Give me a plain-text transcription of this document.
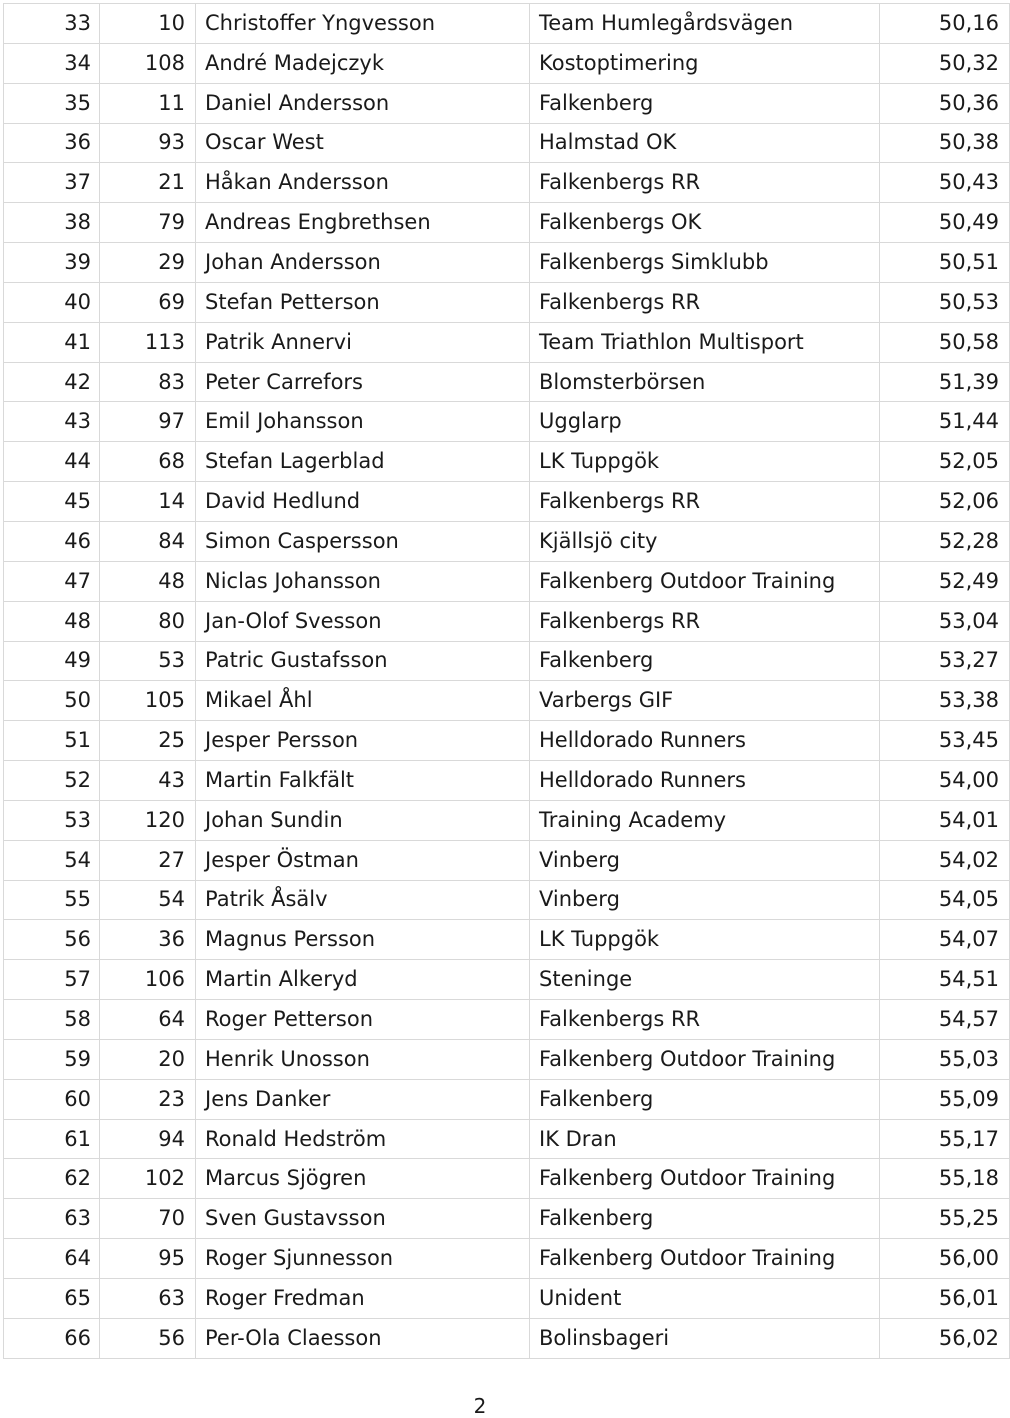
33	10	Christoffer Yngvesson	Team Humlegårdsvägen	50,16
34	108	André Madejczyk	Kostoptimering	50,32
35	11	Daniel Andersson	Falkenberg	50,36
36	93	Oscar West	Halmstad OK	50,38
37	21	Håkan Andersson	Falkenbergs RR	50,43
38	79	Andreas Engbrethsen	Falkenbergs OK	50,49
39	29	Johan Andersson	Falkenbergs Simklubb	50,51
40	69	Stefan Petterson	Falkenbergs RR	50,53
41	113	Patrik Annervi	Team Triathlon Multisport	50,58
42	83	Peter Carrefors	Blomsterbörsen	51,39
43	97	Emil Johansson	Ugglarp	51,44
44	68	Stefan Lagerblad	LK Tuppgök	52,05
45	14	David Hedlund	Falkenbergs RR	52,06
46	84	Simon Caspersson	Kjällsjö city	52,28
47	48	Niclas Johansson	Falkenberg Outdoor Training	52,49
48	80	Jan-Olof Svesson	Falkenbergs RR	53,04
49	53	Patric Gustafsson	Falkenberg	53,27
50	105	Mikael Åhl	Varbergs GIF	53,38
51	25	Jesper Persson	Helldorado Runners	53,45
52	43	Martin Falkfält	Helldorado Runners	54,00
53	120	Johan Sundin	Training Academy	54,01
54	27	Jesper Östman	Vinberg	54,02
55	54	Patrik Åsälv	Vinberg	54,05
56	36	Magnus Persson	LK Tuppgök	54,07
57	106	Martin Alkeryd	Steninge	54,51
58	64	Roger Petterson	Falkenbergs RR	54,57
59	20	Henrik Unosson	Falkenberg Outdoor Training	55,03
60	23	Jens Danker	Falkenberg	55,09
61	94	Ronald Hedström	IK Dran	55,17
62	102	Marcus Sjögren	Falkenberg Outdoor Training	55,18
63	70	Sven Gustavsson	Falkenberg	55,25
64	95	Roger Sjunnesson	Falkenberg Outdoor Training	56,00
65	63	Roger Fredman	Unident	56,01
66	56	Per-Ola Claesson	Bolinsbageri	56,02
2
